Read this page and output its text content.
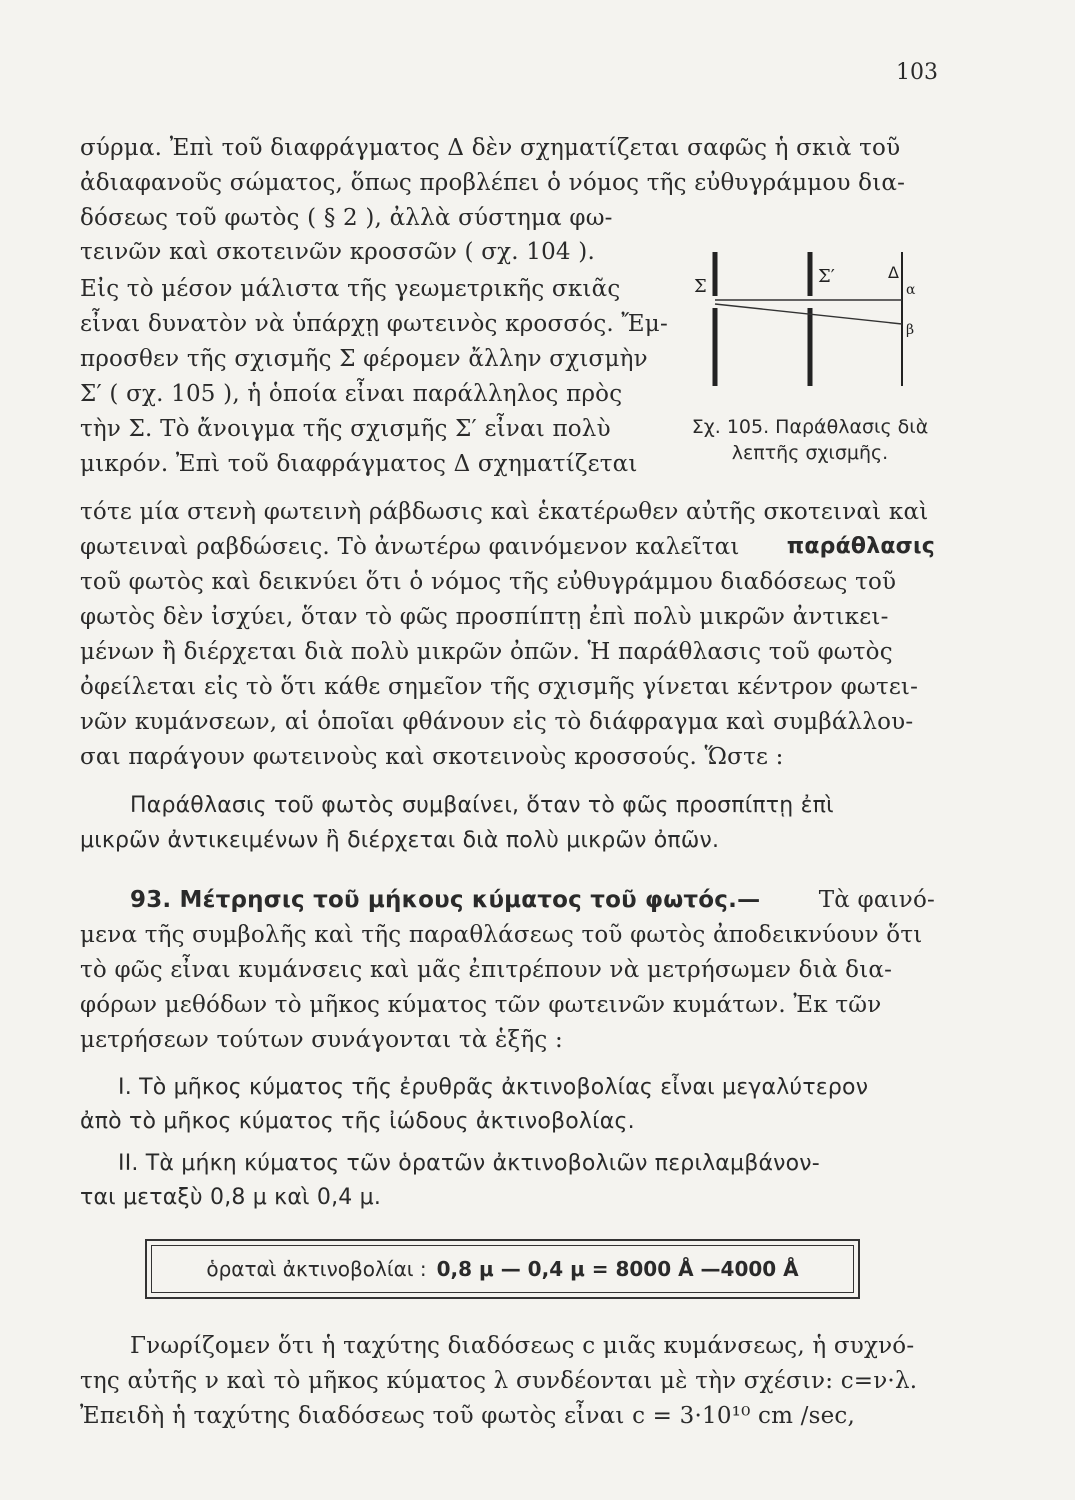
103
σύρμα. Ἐπὶ τοῦ διαφράγματος Δ δὲν σχηματίζεται σαφῶς ἡ σκιὰ τοῦ
ἀδιαφανοῦς σώματος, ὅπως προβλέπει ὁ νόμος τῆς εὐθυγράμμου δια-
δόσεως τοῦ φωτὸς ( § 2 ), ἀλλὰ σύστημα φω-
τεινῶν καὶ σκοτεινῶν κροσσῶν ( σχ. 104 ).
Εἰς τὸ μέσον μάλιστα τῆς γεωμετρικῆς σκιᾶς
εἶναι δυνατὸν νὰ ὑπάρχῃ φωτεινὸς κροσσός. Ἔμ-
προσθεν τῆς σχισμῆς Σ φέρομεν ἄλλην σχισμὴν
Σ′ ( σχ. 105 ), ἡ ὁποία εἶναι παράλληλος πρὸς
τὴν Σ. Τὸ ἄνοιγμα τῆς σχισμῆς Σ′ εἶναι πολὺ
μικρόν. Ἐπὶ τοῦ διαφράγματος Δ σχηματίζεται
Σ	Σ′	Δ
α
β
Σχ. 105. Παράθλασις διὰ λεπτῆς σχισμῆς.
τότε μία στενὴ φωτεινὴ ράβδωσις καὶ ἑκατέρωθεν αὐτῆς σκοτειναὶ καὶ
φωτειναὶ ραβδώσεις. Τὸ ἀνωτέρω φαινόμενον καλεῖται παράθλασις
τοῦ φωτὸς καὶ δεικνύει ὅτι ὁ νόμος τῆς εὐθυγράμμου διαδόσεως τοῦ
φωτὸς δὲν ἰσχύει, ὅταν τὸ φῶς προσπίπτῃ ἐπὶ πολὺ μικρῶν ἀντικει-
μένων ἢ διέρχεται διὰ πολὺ μικρῶν ὀπῶν. Ἡ παράθλασις τοῦ φωτὸς
ὀφείλεται εἰς τὸ ὅτι κάθε σημεῖον τῆς σχισμῆς γίνεται κέντρον φωτει-
νῶν κυμάνσεων, αἱ ὁποῖαι φθάνουν εἰς τὸ διάφραγμα καὶ συμβάλλου-
σαι παράγουν φωτεινοὺς καὶ σκοτεινοὺς κροσσούς. Ὥστε :
Παράθλασις τοῦ φωτὸς συμβαίνει, ὅταν τὸ φῶς προσπίπτῃ ἐπὶ
μικρῶν ἀντικειμένων ἢ διέρχεται διὰ πολὺ μικρῶν ὀπῶν.
93. Μέτρησις τοῦ μήκους κύματος τοῦ φωτός.—	Τὰ φαινό-
μενα τῆς συμβολῆς καὶ τῆς παραθλάσεως τοῦ φωτὸς ἀποδεικνύουν ὅτι
τὸ φῶς εἶναι κυμάνσεις καὶ μᾶς ἐπιτρέπουν νὰ μετρήσωμεν διὰ δια-
φόρων μεθόδων τὸ μῆκος κύματος τῶν φωτεινῶν κυμάτων. Ἐκ τῶν
μετρήσεων τούτων συνάγονται τὰ ἑξῆς :
Ι. Τὸ μῆκος κύματος τῆς ἐρυθρᾶς ἀκτινοβολίας εἶναι μεγαλύτερον
ἀπὸ τὸ μῆκος κύματος τῆς ἰώδους ἀκτινοβολίας.
ΙΙ. Τὰ μήκη κύματος τῶν ὁρατῶν ἀκτινοβολιῶν περιλαμβάνον-
ται μεταξὺ 0,8 μ καὶ 0,4 μ.
ὁραταὶ ἀκτινοβολίαι : 0,8 μ — 0,4 μ = 8000 Å —4000 Å
Γνωρίζομεν ὅτι ἡ ταχύτης διαδόσεως c μιᾶς κυμάνσεως, ἡ συχνό-
της αὐτῆς ν καὶ τὸ μῆκος κύματος λ συνδέονται μὲ τὴν σχέσιν: c=ν·λ.
Ἐπειδὴ ἡ ταχύτης διαδόσεως τοῦ φωτὸς εἶναι c = 3·10¹⁰ cm /sec,
